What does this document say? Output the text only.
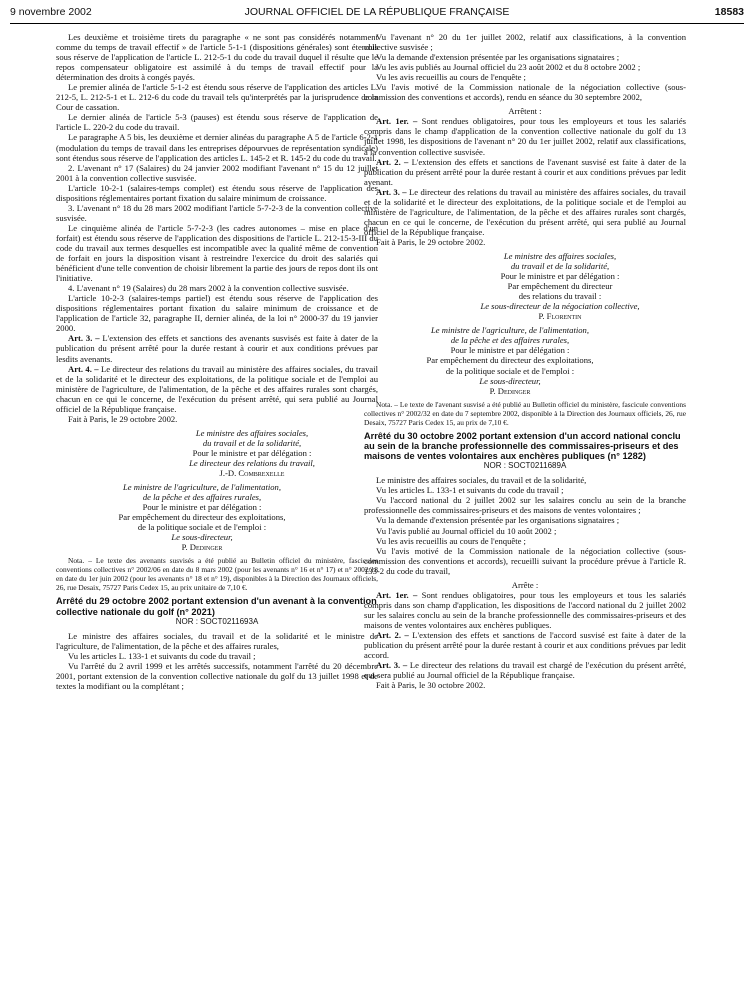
9 novembre 2002	JOURNAL OFFICIEL DE LA RÉPUBLIQUE FRANÇAISE	18583

Les deuxième et troisième tirets du paragraphe « ne sont pas considérés notamment comme du temps de travail effectif » de l'article 5-1-1 (dispositions générales) sont étendus sous réserve de l'application de l'article L. 212-5-1 du code du travail duquel il résulte que le repos compensateur obligatoire est assimilé à du temps de travail effectif pour la détermination des droits à congés payés.

Le premier alinéa de l'article 5-1-2 est étendu sous réserve de l'application des articles L. 212-5, L. 212-5-1 et L. 212-6 du code du travail tels qu'interprétés par la jurisprudence de la Cour de cassation.

Le dernier alinéa de l'article 5-3 (pauses) est étendu sous réserve de l'application de l'article L. 220-2 du code du travail.

Le paragraphe A 5 bis, les deuxième et dernier alinéas du paragraphe A 5 de l'article 6-2-1 (modulation du temps de travail dans les entreprises dépourvues de représentation syndicale) sont étendus sous réserve de l'application des articles L. 145-2 et R. 145-2 du code du travail.

2. L'avenant n° 17 (Salaires) du 24 janvier 2002 modifiant l'avenant n° 15 du 12 juillet 2001 à la convention collective susvisée.

L'article 10-2-1 (salaires-temps complet) est étendu sous réserve de l'application des dispositions réglementaires portant fixation du salaire minimum de croissance.

3. L'avenant n° 18 du 28 mars 2002 modifiant l'article 5-7-2-3 de la convention collective susvisée.

Le cinquième alinéa de l'article 5-7-2-3 (les cadres autonomes – mise en place d'un forfait) est étendu sous réserve de l'application des dispositions de l'article L. 212-15-3-III du code du travail aux termes desquelles est incompatible avec la qualité même de convention de forfait en jours la disposition visant à restreindre l'exercice du droit des salariés qui bénéficient d'une telle convention de choisir librement la partie des jours de repos dont ils ont l'initiative.

4. L'avenant n° 19 (Salaires) du 28 mars 2002 à la convention collective susvisée.

L'article 10-2-3 (salaires-temps partiel) est étendu sous réserve de l'application des dispositions réglementaires portant fixation du salaire minimum de croissance et de l'application de l'article 32, paragraphe II, dernier alinéa, de la loi n° 2000-37 du 19 janvier 2000.

Art. 3. – L'extension des effets et sanctions des avenants susvisés est faite à dater de la publication du présent arrêté pour la durée restant à courir et aux conditions prévues par lesdits avenants.

Art. 4. – Le directeur des relations du travail au ministère des affaires sociales, du travail et de la solidarité et le directeur des exploitations, de la politique sociale et de l'emploi au ministère de l'agriculture, de l'alimentation, de la pêche et des affaires rurales sont chargés, chacun en ce qui le concerne, de l'exécution du présent arrêté, qui sera publié au Journal officiel de la République française.

Fait à Paris, le 29 octobre 2002.

Le ministre des affaires sociales,

du travail et de la solidarité,

Pour le ministre et par délégation :

Le directeur des relations du travail,

J.-D. Combrexelle

Le ministre de l'agriculture, de l'alimentation,

de la pêche et des affaires rurales,

Pour le ministre et par délégation :

Par empêchement du directeur des exploitations,

de la politique sociale et de l'emploi :

Le sous-directeur,

P. Dedinger

Nota. – Le texte des avenants susvisés a été publié au Bulletin officiel du ministère, fascicules conventions collectives n° 2002/06 en date du 8 mars 2002 (pour les avenants n° 16 et n° 17) et n° 2002/18 en date du 1er juin 2002 (pour les avenants n° 18 et n° 19), disponibles à la Direction des Journaux officiels, 26, rue Desaix, 75727 Paris Cedex 15, au prix unitaire de 7,10 €.

Arrêté du 29 octobre 2002 portant extension d'un avenant à la convention collective nationale du golf (n° 2021)

NOR : SOCT0211693A

Le ministre des affaires sociales, du travail et de la solidarité et le ministre de l'agriculture, de l'alimentation, de la pêche et des affaires rurales,

Vu les articles L. 133-1 et suivants du code du travail ;

Vu l'arrêté du 2 avril 1999 et les arrêtés successifs, notamment l'arrêté du 20 décembre 2001, portant extension de la convention collective nationale du golf du 13 juillet 1998 et de textes la modifiant ou la complétant ;

Vu l'avenant n° 20 du 1er juillet 2002, relatif aux classifications, à la convention collective susvisée ;

Vu la demande d'extension présentée par les organisations signataires ;

Vu les avis publiés au Journal officiel du 23 août 2002 et du 8 octobre 2002 ;

Vu les avis recueillis au cours de l'enquête ;

Vu l'avis motivé de la Commission nationale de la négociation collective (sous-commission des conventions et accords), rendu en séance du 30 septembre 2002,

Arrêtent :

Art. 1er. – Sont rendues obligatoires, pour tous les employeurs et tous les salariés compris dans le champ d'application de la convention collective nationale du golf du 13 juillet 1998, les dispositions de l'avenant n° 20 du 1er juillet 2002, relatif aux classifications, à la convention collective susvisée.

Art. 2. – L'extension des effets et sanctions de l'avenant susvisé est faite à dater de la publication du présent arrêté pour la durée restant à courir et aux conditions prévues par ledit avenant.

Art. 3. – Le directeur des relations du travail au ministère des affaires sociales, du travail et de la solidarité et le directeur des exploitations, de la politique sociale et de l'emploi au ministère de l'agriculture, de l'alimentation, de la pêche et des affaires rurales sont chargés, chacun en ce qui le concerne, de l'exécution du présent arrêté, qui sera publié au Journal officiel de la République française.

Fait à Paris, le 29 octobre 2002.

Le ministre des affaires sociales,

du travail et de la solidarité,

Pour le ministre et par délégation :

Par empêchement du directeur

des relations du travail :

Le sous-directeur de la négociation collective,

P. Florentin

Le ministre de l'agriculture, de l'alimentation,

de la pêche et des affaires rurales,

Pour le ministre et par délégation :

Par empêchement du directeur des exploitations,

de la politique sociale et de l'emploi :

Le sous-directeur,

P. Dedinger

Nota. – Le texte de l'avenant susvisé a été publié au Bulletin officiel du ministère, fascicule conventions collectives n° 2002/32 en date du 7 septembre 2002, disponible à la Direction des Journaux officiels, 26, rue Desaix, 75727 Paris Cedex 15, au prix de 7,10 €.

Arrêté du 30 octobre 2002 portant extension d'un accord national conclu au sein de la branche professionnelle des commissaires-priseurs et des maisons de ventes volontaires aux enchères publiques (n° 1282)

NOR : SOCT0211689A

Le ministre des affaires sociales, du travail et de la solidarité,

Vu les articles L. 133-1 et suivants du code du travail ;

Vu l'accord national du 2 juillet 2002 sur les salaires conclu au sein de la branche professionnelle des commissaires-priseurs et des maisons de ventes volontaires ;

Vu la demande d'extension présentée par les organisations signataires ;

Vu l'avis publié au Journal officiel du 10 août 2002 ;

Vu les avis recueillis au cours de l'enquête ;

Vu l'avis motivé de la Commission nationale de la négociation collective (sous-commission des conventions et accords), recueilli suivant la procédure prévue à l'article R. 133-2 du code du travail,

Arrête :

Art. 1er. – Sont rendues obligatoires, pour tous les employeurs et tous les salariés compris dans son champ d'application, les dispositions de l'accord national du 2 juillet 2002 sur les salaires conclu au sein de la branche professionnelle des commissaires-priseurs et des maisons de ventes volontaires aux enchères publiques.

Art. 2. – L'extension des effets et sanctions de l'accord susvisé est faite à dater de la publication du présent arrêté pour la durée restant à courir et aux conditions prévues par ledit accord.

Art. 3. – Le directeur des relations du travail est chargé de l'exécution du présent arrêté, qui sera publié au Journal officiel de la République française.

Fait à Paris, le 30 octobre 2002.
